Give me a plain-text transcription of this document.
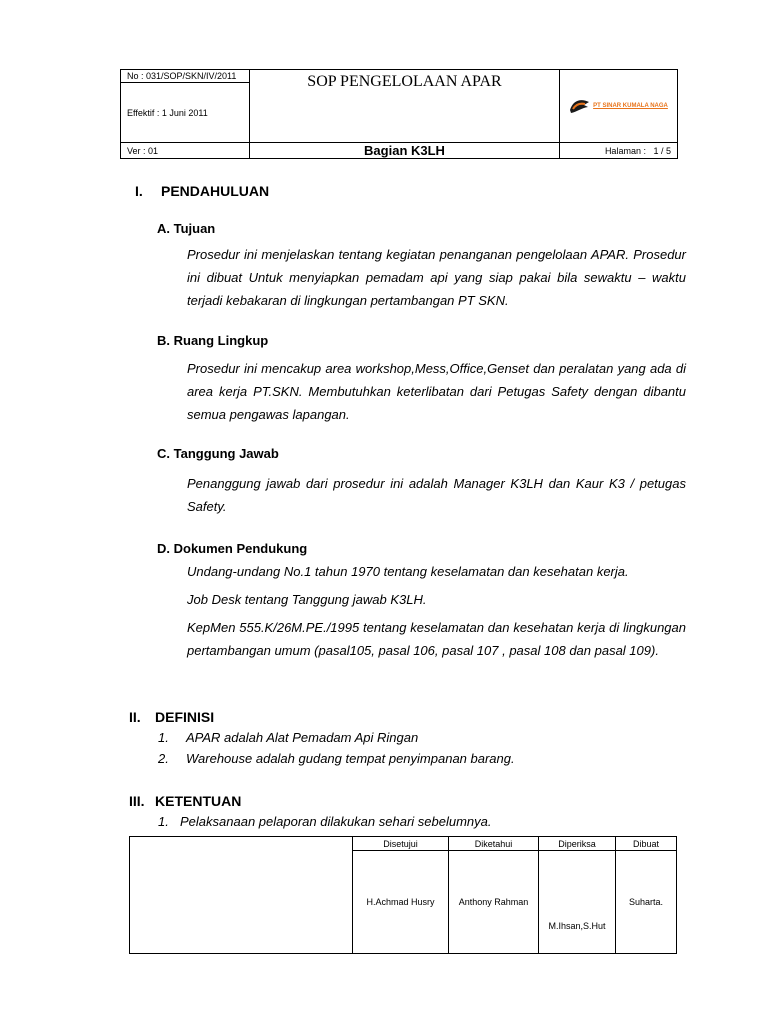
No : 031/SOP/SKN/IV/2011
Effektif : 1 Juni 2011	SOP PENGELOLAAN APAR	PT SINAR KUMALA NAGA

Ver : 01	Bagian K3LH	Halaman : 1 / 5
I. PENDAHULUAN
A. Tujuan
Prosedur ini menjelaskan tentang kegiatan penanganan pengelolaan APAR. Prosedur ini dibuat Untuk menyiapkan pemadam api yang siap pakai bila sewaktu – waktu terjadi kebakaran di lingkungan pertambangan PT SKN.
B. Ruang Lingkup
Prosedur ini mencakup area workshop,Mess,Office,Genset dan peralatan yang ada di area kerja PT.SKN. Membutuhkan keterlibatan dari Petugas Safety dengan dibantu semua pengawas lapangan.
C. Tanggung Jawab
Penanggung jawab dari prosedur ini adalah Manager K3LH dan Kaur K3 / petugas Safety.
D. Dokumen Pendukung
Undang-undang No.1 tahun 1970 tentang keselamatan dan kesehatan kerja.
Job Desk tentang Tanggung jawab K3LH.
KepMen 555.K/26M.PE./1995 tentang keselamatan dan kesehatan kerja di lingkungan pertambangan umum (pasal105, pasal 106, pasal 107 , pasal 108 dan pasal 109).
II. DEFINISI
1. APAR adalah Alat Pemadam Api Ringan
2. Warehouse adalah gudang tempat penyimpanan barang.
III. KETENTUAN
1. Pelaksanaan pelaporan dilakukan sehari sebelumnya.
	Disetujui	Diketahui	Diperiksa	Dibuat
	H.Achmad Husry	Anthony Rahman	M.Ihsan,S.Hut	Suharta.
